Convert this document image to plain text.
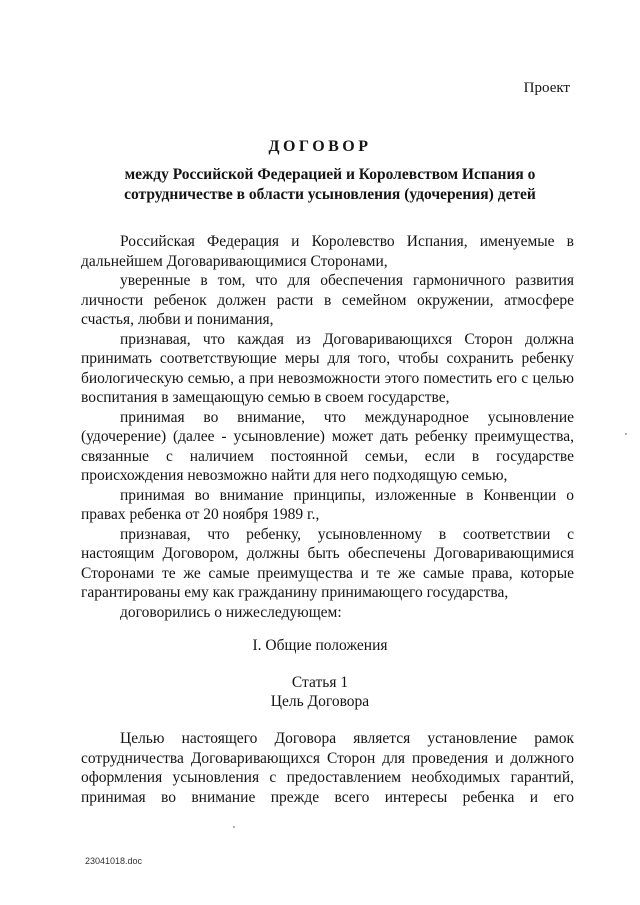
Проект
ДОГОВОР
между Российской Федерацией и Королевством Испания о сотрудничестве в области усыновления (удочерения) детей

Российская Федерация и Королевство Испания, именуемые в дальнейшем Договаривающимися Сторонами,

уверенные в том, что для обеспечения гармоничного развития личности ребенок должен расти в семейном окружении, атмосфере счастья, любви и понимания,

признавая, что каждая из Договаривающихся Сторон должна принимать соответствующие меры для того, чтобы сохранить ребенку биологическую семью, а при невозможности этого поместить его с целью воспитания в замещающую семью в своем государстве,

принимая во внимание, что международное усыновление (удочерение) (далее - усыновление) может дать ребенку преимущества, связанные с наличием постоянной семьи, если в государстве происхождения невозможно найти для него подходящую семью,

принимая во внимание принципы, изложенные в Конвенции о правах ребенка от 20 ноября 1989 г.,

признавая, что ребенку, усыновленному в соответствии с настоящим Договором, должны быть обеспечены Договаривающимися Сторонами те же самые преимущества и те же самые права, которые гарантированы ему как гражданину принимающего государства,

договорились о нижеследующем:

I. Общие положения
Статья 1
Цель Договора

Целью настоящего Договора является установление рамок сотрудничества Договаривающихся Сторон для проведения и должного оформления усыновления с предоставлением необходимых гарантий, принимая во внимание прежде всего интересы ребенка и его

23041018.doc
